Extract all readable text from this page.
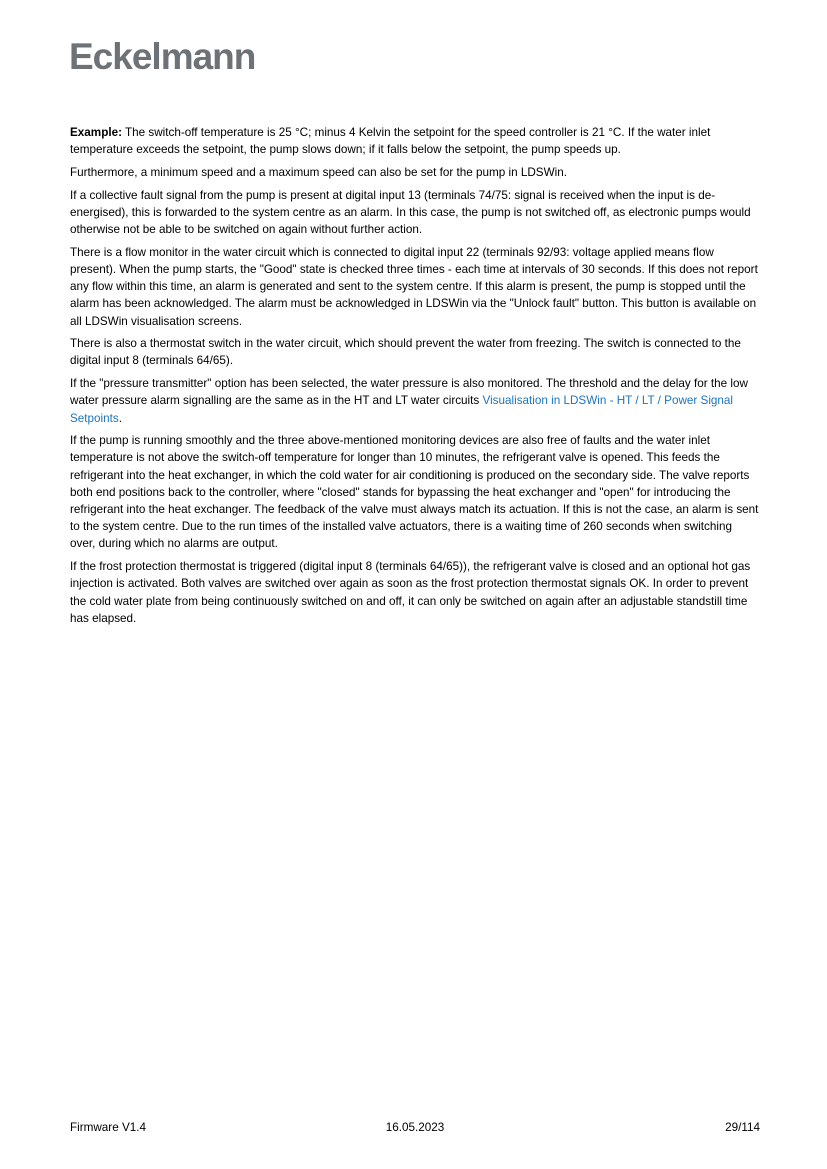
Eckelmann

Example: The switch-off temperature is 25 °C; minus 4 Kelvin the setpoint for the speed controller is 21 °C. If the water inlet temperature exceeds the setpoint, the pump slows down; if it falls below the setpoint, the pump speeds up.

Furthermore, a minimum speed and a maximum speed can also be set for the pump in LDSWin.

If a collective fault signal from the pump is present at digital input 13 (terminals 74/75: signal is received when the input is de-energised), this is forwarded to the system centre as an alarm. In this case, the pump is not switched off, as electronic pumps would otherwise not be able to be switched on again without further action.

There is a flow monitor in the water circuit which is connected to digital input 22 (terminals 92/93: voltage applied means flow present). When the pump starts, the "Good" state is checked three times - each time at intervals of 30 seconds. If this does not report any flow within this time, an alarm is generated and sent to the system centre. If this alarm is present, the pump is stopped until the alarm has been acknowledged. The alarm must be acknowledged in LDSWin via the "Unlock fault" button. This button is available on all LDSWin visualisation screens.

There is also a thermostat switch in the water circuit, which should prevent the water from freezing. The switch is connected to the digital input 8 (terminals 64/65).

If the "pressure transmitter" option has been selected, the water pressure is also monitored. The threshold and the delay for the low water pressure alarm signalling are the same as in the HT and LT water circuits Visualisation in LDSWin - HT / LT / Power Signal Setpoints.

If the pump is running smoothly and the three above-mentioned monitoring devices are also free of faults and the water inlet temperature is not above the switch-off temperature for longer than 10 minutes, the refrigerant valve is opened. This feeds the refrigerant into the heat exchanger, in which the cold water for air conditioning is produced on the secondary side. The valve reports both end positions back to the controller, where "closed" stands for bypassing the heat exchanger and "open" for introducing the refrigerant into the heat exchanger. The feedback of the valve must always match its actuation. If this is not the case, an alarm is sent to the system centre. Due to the run times of the installed valve actuators, there is a waiting time of 260 seconds when switching over, during which no alarms are output.

If the frost protection thermostat is triggered (digital input 8 (terminals 64/65)), the refrigerant valve is closed and an optional hot gas injection is activated. Both valves are switched over again as soon as the frost protection thermostat signals OK. In order to prevent the cold water plate from being continuously switched on and off, it can only be switched on again after an adjustable standstill time has elapsed.

Firmware V1.4	16.05.2023	29/114
